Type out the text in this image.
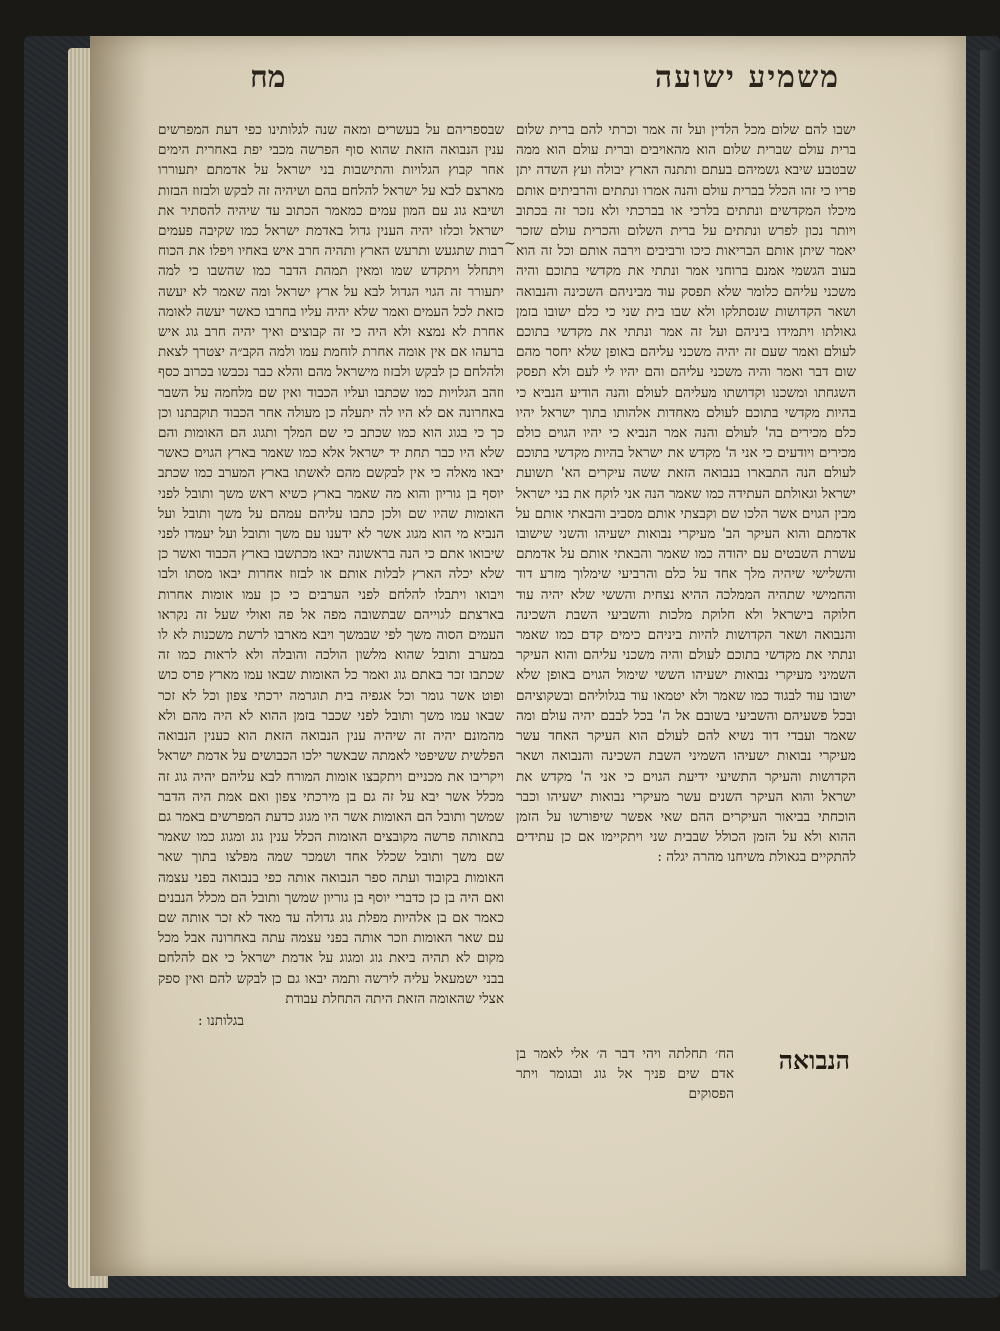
משמיע ישועה
מח
~
ישבו להם שלום מכל הלדין ועל זה אמר וכרתי להם ברית שלום ברית עולם שברית שלום הוא מהאויבים וברית עולם הוא ממה שבטבע שיבא גשמיהם בעתם ותתנה הארץ יבולה ועץ השדה יתן פריו כי זהו הכלל בברית עולם והנה אמרו ונתתים והרביתים אותם מיכלו המקדשים ונתתים בלרכי או בברכתי ולא נזכר זה בכתוב ויותר נכון לפרש ונתתים על ברית השלום והכרית עולם שזכר יאמר שיתן אותם הבריאות כיכו ורביבים וירבה אותם וכל זה הוא בעוב הגשמי אמנם ברוחני אמר ונתתי את מקדשי בתוכם והיה משכני עליהם כלומר שלא תפסק עוד מביניהם השכינה והנבואה ושאר הקדושות שנסתלקו ולא שבו בית שני כי כלם ישובו בזמן גאולתו ויתמידו ביניהם ועל זה אמר ונתתי את מקדשי בתוכם לעולם ואמר שעם זה יהיה משכני עליהם באופן שלא יחסר מהם שום דבר ואמר והיה משכני עליהם והם יהיו לי לעם ולא תפסק השגחתו ומשכנו וקדושתו מעליהם לעולם והנה הודיע הנביא כי בהיות מקדשי בתוכם לעולם מאחדות אלהותו בתוך ישראל יהיו כלם מכירים בה' לעולם והנה אמר הנביא כי יהיו הגוים כולם מכירים ויודעים כי אני ה' מקדש את ישראל בהיות מקדשי בתוכם לעולם הנה התבארו בנבואה הזאת ששה עיקרים הא' תשועת ישראל וגאולתם העתידה כמו שאמר הנה אני לוקח את בני ישראל מבין הגוים אשר הלכו שם וקבצתי אותם מסביב והבאתי אותם על אדמתם והוא העיקר הב' מעיקרי נבואות ישעיהו והשני שישובו עשרת השבטים עם יהודה כמו שאמר והבאתי אותם על אדמתם והשלישי שיהיה מלך אחד על כלם והרביעי שימלוך מזרע דוד והחמישי שתהיה הממלכה ההיא נצחית והששי שלא יהיה עוד חלוקה בישראל ולא חלוקת מלכות והשביעי השבת השכינה והנבואה ושאר הקדושות להיות ביניהם כימים קדם כמו שאמר ונתתי את מקדשי בתוכם לעולם והיה משכני עליהם והוא העיקר השמיני מעיקרי נבואות ישעיהו הששי שימול הגוים באופן שלא ישובו עוד לבגוד כמו שאמר ולא יטמאו עוד בגלוליהם ובשקוציהם ובכל פשעיהם והשביעי בשובם אל ה' בכל לבבם יהיה עולם ומה שאמר ועבדי דוד נשיא להם לעולם הוא העיקר האחד עשר מעיקרי נבואות ישעיהו השמיני השבת השכינה והנבואה ושאר הקדושות והעיקר התשיעי ידיעת הגוים כי אני ה' מקדש את ישראל והוא העיקר השנים עשר מעיקרי נבואות ישעיהו וכבר הוכחתי בביאור העיקרים ההם שאי אפשר שיפורשו על הזמן ההוא ולא על הזמן הכולל שבבית שני ויתקיימו אם כן עתידים להתקיים בגאולת משיחנו מהרה יגלה :
שבספריהם על בעשרים ומאה שנה לגלותינו כפי דעת המפרשים ענין הנבואה הזאת שהוא סוף הפרשה מכבי יפת באחרית הימים אחר קבוץ הגלויות והתישבות בני ישראל על אדמתם יתעוררו מארצם לבא על ישראל להלחם בהם ושיהיה זה לבקש ולבזוז הבזות ושיבא גוג עם המון עמים כמאמר הכתוב עד שיהיה להסתיר את ישראל וכלזו יהיה הענין גדול באדמת ישראל כמו שקיבה פעמים רבות שתגעש ותרעש הארץ ותהיה חרב איש באחיו ויפלו את הכוח ויתחלל ויתקדש שמו ומאין תמהת הדבר כמו שהשבו כי למה יתעורר זה הגוי הגדול לבא על ארץ ישראל ומה שאמר לא יעשה כזאת לכל העמים ואמר שלא יהיה עליו בחרבו כאשר יעשה לאומה אחרת לא נמצא ולא היה כי זה קבוצים ואיך יהיה חרב גוג איש ברעהו אם אין אומה אחרת לוחמת עמו ולמה הקב״ה יצטרך לצאת ולהלחם כן לבקש ולבזוז מישראל מהם והלא כבר נכבשו בכרוב כסף וזהב הגלויות כמו שכתבו ועליו הכבוד ואין שם מלחמה על השבר באחרונה אם לא היו לה יתעלה כן מעולה אחר הכבוד תוקבתנו וכן כך כי בגוג הוא כמו שכתב כי שם המלך ותגוג הם האומות והם שלא היו כבר תחת יד ישראל אלא כמו שאמר בארץ הגוים כאשר יבאו מאלה כי אין לבקשם מהם לאשתו בארץ המערב כמו שכתב יוסף בן גוריון והוא מה שאמר בארץ כשיא ראש משך ותובל לפני האומות שהיו שם ולכן כתבו עליהם עמהם על משך ותובל ועל הנביא מי הוא מגוג אשר לא ידענו עם משך ותובל ועל יעמדו לפני שיבואו אתם כי הנה בראשונה יבאו מכתשבו בארץ הכבוד ואשר כן שלא יכלה הארץ לבלות אותם או לבזוז אחרות יבאו מסתו ולבו ויבואו ויתבלו להלחם לפני הערבים כי כן עמו אומות אחרות בארצתם לגוייהם שבתשובה מפה אל פה ואולי שעל זה נקראו העמים הסוה משך לפי שבמשך ויבא מארבו לרשת משכנות לא לו במערב ותובל שהוא מלשון הולכה והובלה ולא לראות כמו זה שכתבו זכר באתם גוג ואמר כל האומות שבאו עמו מארץ פרס כוש ופוט אשר גומר וכל אגפיה בית תוגרמה ירכתי צפון וכל לא זכר שבאו עמו משך ותובל לפני שכבר בזמן ההוא לא היה מהם ולא מהמונם יהיה זה שיהיה ענין הנבואה הזאת הוא כענין הנבואה הפלשית ששיפטי לאמתה שבאשר ילכו הכבושים על אדמת ישראל ויקריבו את מכניים ויתקבצו אומות המורח לבא עליהם יהיה גוג זה מכלל אשר יבא על זה גם בן מירכתי צפון ואם אמת היה הדבר שמשך ותובל הם האומות אשר היו מגוג כדעת המפרשים באמר גם בתאותה פרשה מקובצים האומות הכלל ענין גוג ומגוג כמו שאמר שם משך ותובל שכלל אחד ושמכר שמה מפלצו בתוך שאר האומות בקובוד ועתה ספר הנבואה אותה כפי בנבואה בפני עצמה ואם היה בן כן כדברי יוסף בן גוריון שמשך ותובל הם מכלל הנבנים כאמר אם בן אלהיות מפלת גוג גדולה עד מאד לא זכר אותה שם עם שאר האומות וזכר אותה בפני עצמה עתה באחרונה אבל מכל מקום לא תהיה ביאת גוג ומגוג על אדמת ישראל כי אם להלחם בבני ישמעאל עליה לירשה ותמה יבאו גם כן לבקש להם ואין ספק אצלי שהאומה הזאת היתה התחלת עבודת
בגלותנו :
הנבואה
הח׳ תחלתה ויהי דבר ה׳ אלי לאמר בן אדם שים פניך אל גוג ובגומר ויתר הפסוקים
